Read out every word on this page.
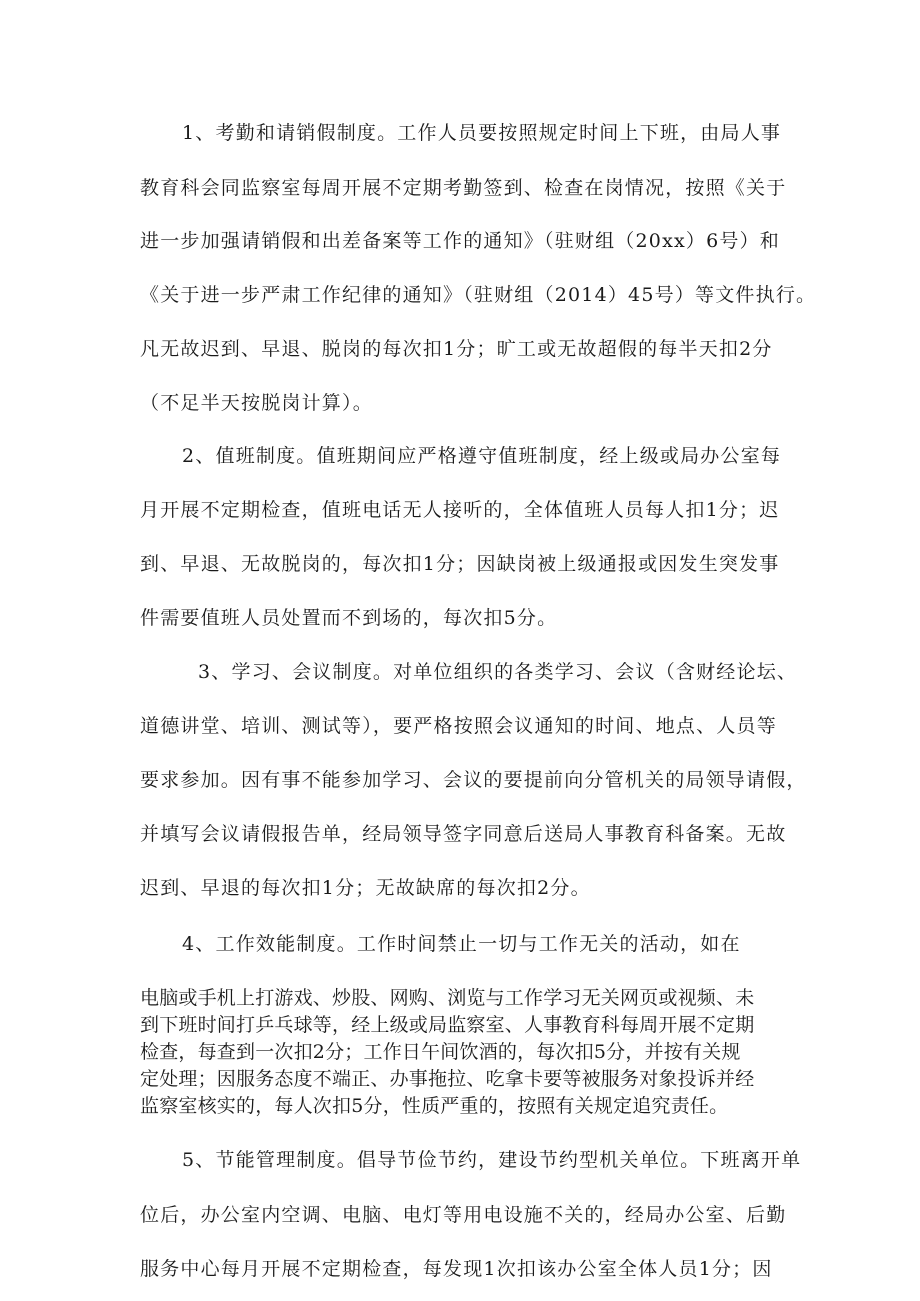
1、考勤和请销假制度。工作人员要按照规定时间上下班，由局人事
教育科会同监察室每周开展不定期考勤签到、检查在岗情况，按照《关于
进一步加强请销假和出差备案等工作的通知》（驻财组（20xx）6号）和
《关于进一步严肃工作纪律的通知》（驻财组（2014）45号）等文件执行。
凡无故迟到、早退、脱岗的每次扣1分；旷工或无故超假的每半天扣2分
（不足半天按脱岗计算）。
2、值班制度。值班期间应严格遵守值班制度，经上级或局办公室每
月开展不定期检查，值班电话无人接听的，全体值班人员每人扣1分；迟
到、早退、无故脱岗的，每次扣1分；因缺岗被上级通报或因发生突发事
件需要值班人员处置而不到场的，每次扣5分。
3、学习、会议制度。对单位组织的各类学习、会议（含财经论坛、
道德讲堂、培训、测试等），要严格按照会议通知的时间、地点、人员等
要求参加。因有事不能参加学习、会议的要提前向分管机关的局领导请假，
并填写会议请假报告单，经局领导签字同意后送局人事教育科备案。无故
迟到、早退的每次扣1分；无故缺席的每次扣2分。
4、工作效能制度。工作时间禁止一切与工作无关的活动，如在
电脑或手机上打游戏、炒股、网购、浏览与工作学习无关网页或视频、未
到下班时间打乒乓球等，经上级或局监察室、人事教育科每周开展不定期
检查，每查到一次扣2分；工作日午间饮酒的，每次扣5分，并按有关规
定处理；因服务态度不端正、办事拖拉、吃拿卡要等被服务对象投诉并经
监察室核实的，每人次扣5分，性质严重的，按照有关规定追究责任。
5、节能管理制度。倡导节俭节约，建设节约型机关单位。下班离开单
位后，办公室内空调、电脑、电灯等用电设施不关的，经局办公室、后勤
服务中心每月开展不定期检查，每发现1次扣该办公室全体人员1分；因
